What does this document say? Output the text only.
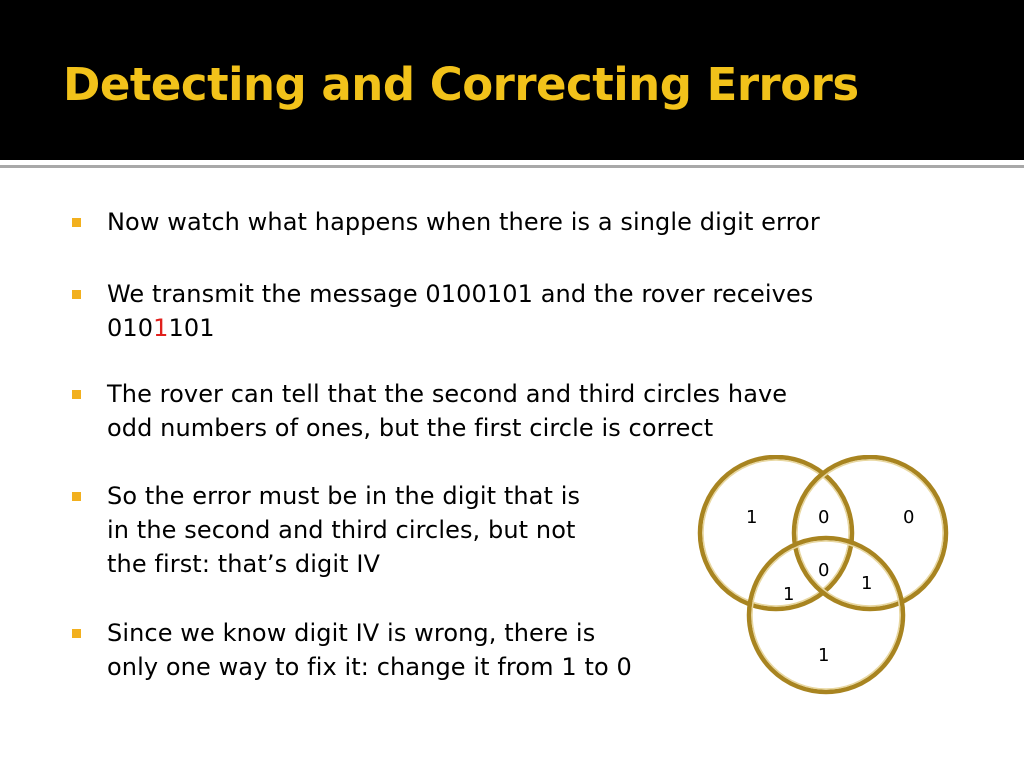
Detecting and Correcting Errors
Now watch what happens when there is a single digit error
We transmit the message 0100101 and the rover receives
0101101
The rover can tell that the second and third circles have
odd numbers of ones, but the first circle is correct
So the error must be in the digit that is
in the second and third circles, but not
the first: that’s digit IV
Since we know digit IV is wrong, there is
only one way to fix it: change it from 1 to 0
1	0	0
0
1
1
1
